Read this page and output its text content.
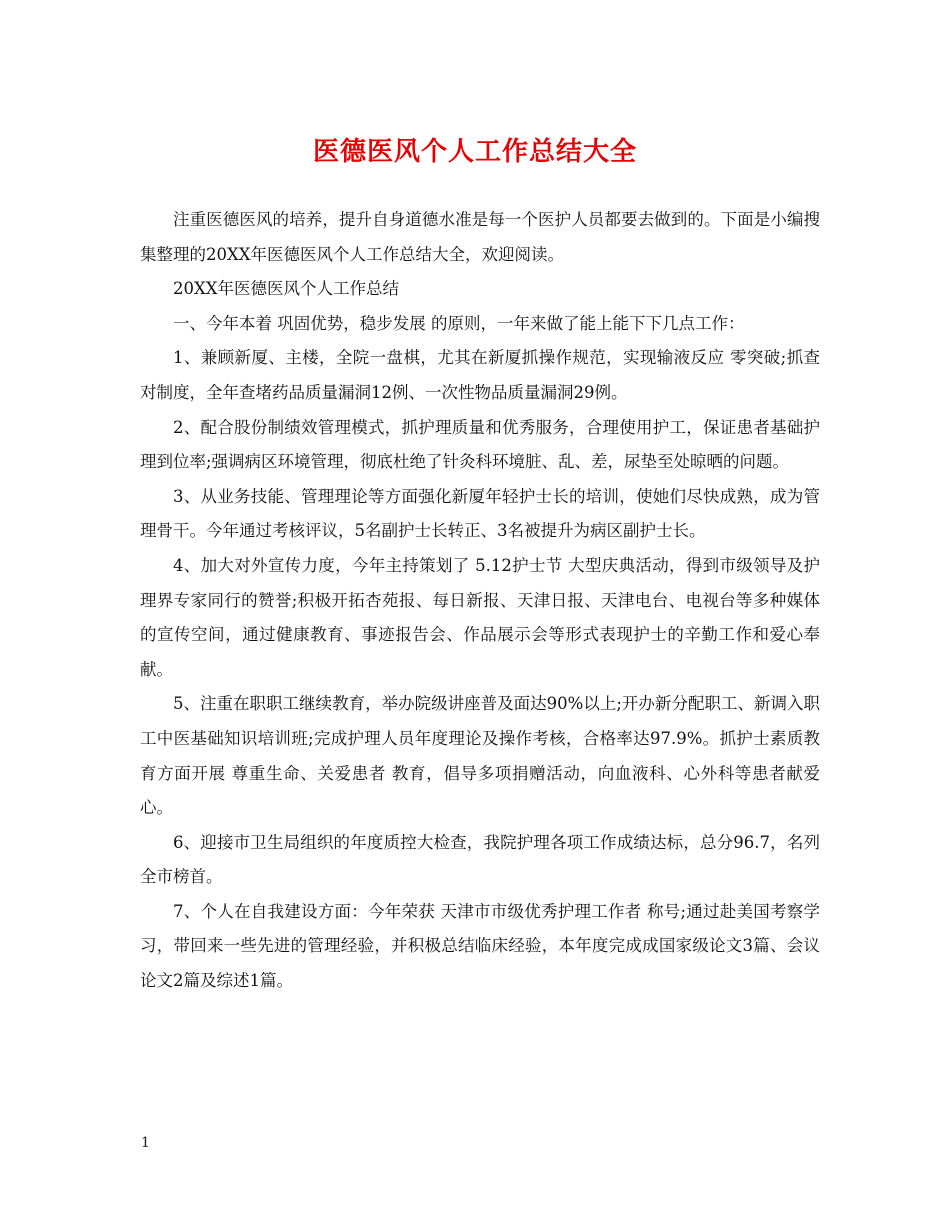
医德医风个人工作总结大全

注重医德医风的培养，提升自身道德水准是每一个医护人员都要去做到的。下面是小编搜集整理的20XX年医德医风个人工作总结大全，欢迎阅读。

20XX年医德医风个人工作总结

一、今年本着 巩固优势，稳步发展 的原则，一年来做了能上能下下几点工作：

1、兼顾新厦、主楼，全院一盘棋，尤其在新厦抓操作规范，实现输液反应 零突破;抓查对制度，全年查堵药品质量漏洞12例、一次性物品质量漏洞29例。

2、配合股份制绩效管理模式，抓护理质量和优秀服务，合理使用护工，保证患者基础护理到位率;强调病区环境管理，彻底杜绝了针灸科环境脏、乱、差，尿垫至处晾晒的问题。

3、从业务技能、管理理论等方面强化新厦年轻护士长的培训，使她们尽快成熟，成为管理骨干。今年通过考核评议，5名副护士长转正、3名被提升为病区副护士长。

4、加大对外宣传力度，今年主持策划了 5.12护士节 大型庆典活动，得到市级领导及护理界专家同行的赞誉;积极开拓杏苑报、每日新报、天津日报、天津电台、电视台等多种媒体的宣传空间，通过健康教育、事迹报告会、作品展示会等形式表现护士的辛勤工作和爱心奉献。

5、注重在职职工继续教育，举办院级讲座普及面达90%以上;开办新分配职工、新调入职工中医基础知识培训班;完成护理人员年度理论及操作考核，合格率达97.9%。抓护士素质教育方面开展 尊重生命、关爱患者 教育，倡导多项捐赠活动，向血液科、心外科等患者献爱心。

6、迎接市卫生局组织的年度质控大检查，我院护理各项工作成绩达标，总分96.7，名列全市榜首。

7、个人在自我建设方面：今年荣获 天津市市级优秀护理工作者 称号;通过赴美国考察学习，带回来一些先进的管理经验，并积极总结临床经验，本年度完成成国家级论文3篇、会议论文2篇及综述1篇。

1
